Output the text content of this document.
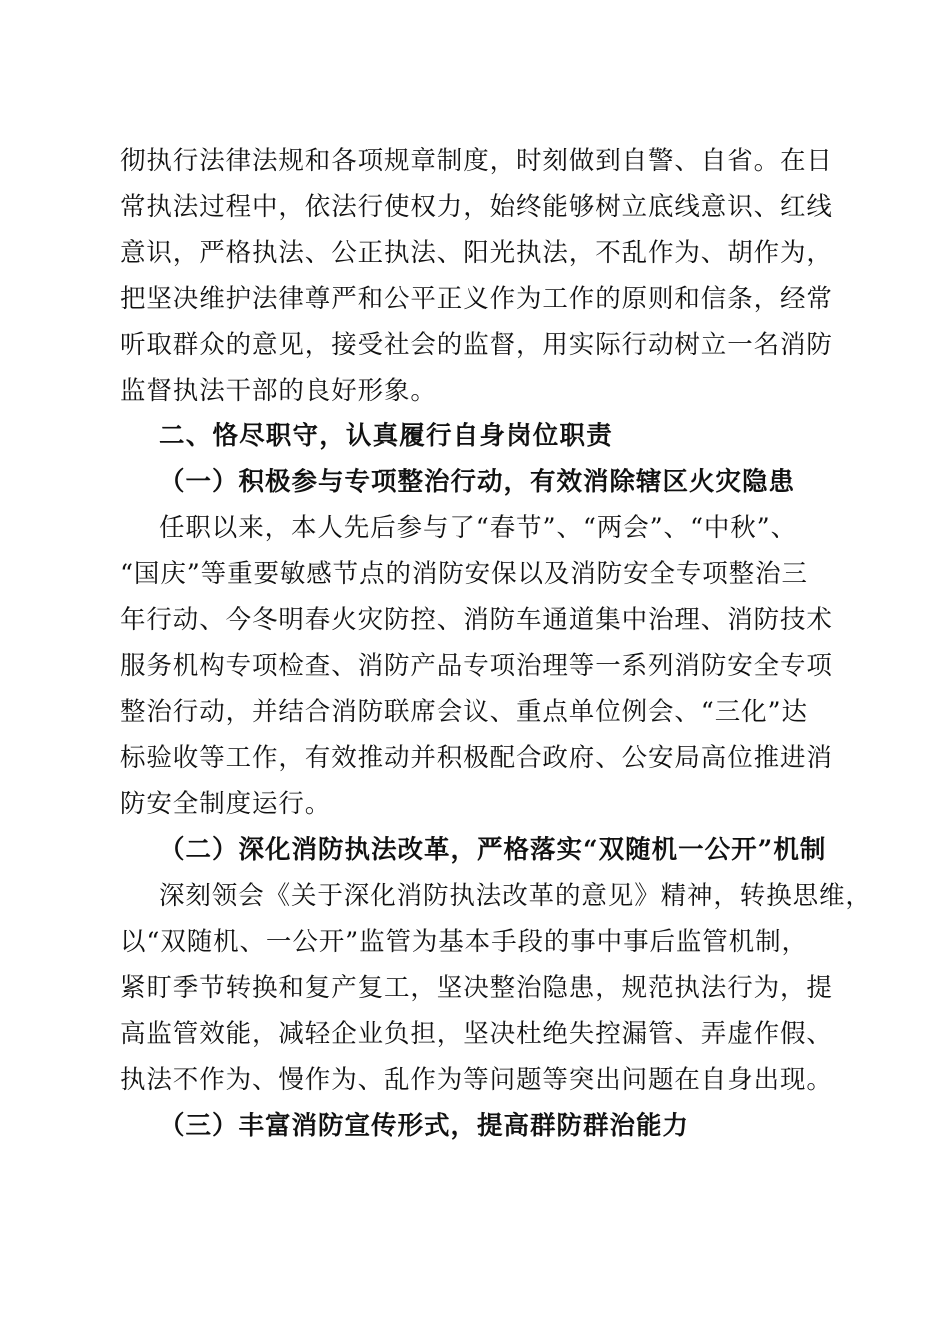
彻执行法律法规和各项规章制度，时刻做到自警、自省。在日
常执法过程中，依法行使权力，始终能够树立底线意识、红线
意识，严格执法、公正执法、阳光执法，不乱作为、胡作为，
把坚决维护法律尊严和公平正义作为工作的原则和信条，经常
听取群众的意见，接受社会的监督，用实际行动树立一名消防
监督执法干部的良好形象。
二、恪尽职守，认真履行自身岗位职责
（一）积极参与专项整治行动，有效消除辖区火灾隐患
任职以来，本人先后参与了“春节”、“两会”、“中秋”、
“国庆”等重要敏感节点的消防安保以及消防安全专项整治三
年行动、今冬明春火灾防控、消防车通道集中治理、消防技术
服务机构专项检查、消防产品专项治理等一系列消防安全专项
整治行动，并结合消防联席会议、重点单位例会、“三化”达
标验收等工作，有效推动并积极配合政府、公安局高位推进消
防安全制度运行。
（二）深化消防执法改革，严格落实“双随机一公开”机制
深刻领会《关于深化消防执法改革的意见》精神，转换思维，
以“双随机、一公开”监管为基本手段的事中事后监管机制，
紧盯季节转换和复产复工，坚决整治隐患，规范执法行为，提
高监管效能，减轻企业负担，坚决杜绝失控漏管、弄虚作假、
执法不作为、慢作为、乱作为等问题等突出问题在自身出现。
（三）丰富消防宣传形式，提高群防群治能力
